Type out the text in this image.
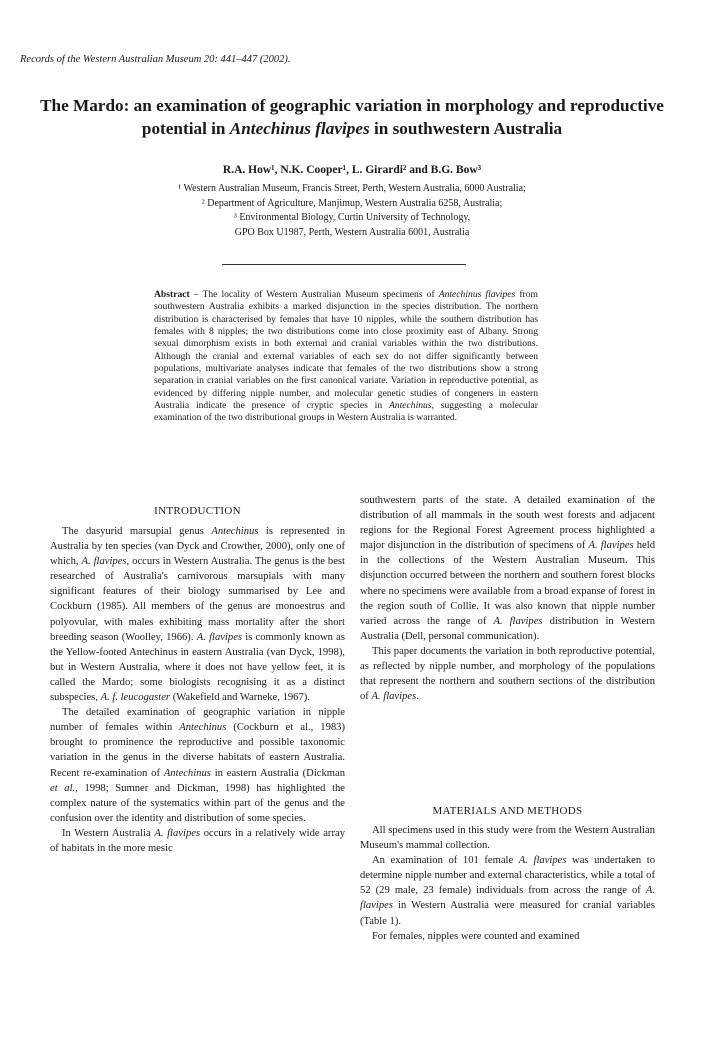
Records of the Western Australian Museum 20: 441–447 (2002).
The Mardo: an examination of geographic variation in morphology and reproductive potential in Antechinus flavipes in southwestern Australia
R.A. How¹, N.K. Cooper¹, L. Girardi² and B.G. Bow³
¹ Western Australian Museum, Francis Street, Perth, Western Australia, 6000 Australia;
² Department of Agriculture, Manjimup, Western Australia 6258, Australia;
³ Environmental Biology, Curtin University of Technology,
GPO Box U1987, Perth, Western Australia 6001, Australia
Abstract – The locality of Western Australian Museum specimens of Antechinus flavipes from southwestern Australia exhibits a marked disjunction in the species distribution. The northern distribution is characterised by females that have 10 nipples, while the southern distribution has females with 8 nipples; the two distributions come into close proximity east of Albany. Strong sexual dimorphism exists in both external and cranial variables within the two distributions. Although the cranial and external variables of each sex do not differ significantly between populations, multivariate analyses indicate that females of the two distributions show a strong separation in cranial variables on the first canonical variate. Variation in reproductive potential, as evidenced by differing nipple number, and molecular genetic studies of congeners in eastern Australia indicate the presence of cryptic species in Antechinus, suggesting a molecular examination of the two distributional groups in Western Australia is warranted.
INTRODUCTION

The dasyurid marsupial genus Antechinus is represented in Australia by ten species (van Dyck and Crowther, 2000), only one of which, A. flavipes, occurs in Western Australia. The genus is the best researched of Australia's carnivorous marsupials with many significant features of their biology summarised by Lee and Cockburn (1985). All members of the genus are monoestrus and polyovular, with males exhibiting mass mortality after the short breeding season (Woolley, 1966). A. flavipes is commonly known as the Yellow-footed Antechinus in eastern Australia (van Dyck, 1998), but in Western Australia, where it does not have yellow feet, it is called the Mardo; some biologists recognising it as a distinct subspecies, A. f. leucogaster (Wakefield and Warneke, 1967).

The detailed examination of geographic variation in nipple number of females within Antechinus (Cockburn et al., 1983) brought to prominence the reproductive and possible taxonomic variation in the genus in the diverse habitats of eastern Australia. Recent re-examination of Antechinus in eastern Australia (Dickman et al., 1998; Sumner and Dickman, 1998) has highlighted the complex nature of the systematics within part of the genus and the confusion over the identity and distribution of some species.

In Western Australia A. flavipes occurs in a relatively wide array of habitats in the more mesic

southwestern parts of the state. A detailed examination of the distribution of all mammals in the south west forests and adjacent regions for the Regional Forest Agreement process highlighted a major disjunction in the distribution of specimens of A. flavipes held in the collections of the Western Australian Museum. This disjunction occurred between the northern and southern forest blocks where no specimens were available from a broad expanse of forest in the region south of Collie. It was also known that nipple number varied across the range of A. flavipes distribution in Western Australia (Dell, personal communication).

This paper documents the variation in both reproductive potential, as reflected by nipple number, and morphology of the populations that represent the northern and southern sections of the distribution of A. flavipes.

MATERIALS AND METHODS

All specimens used in this study were from the Western Australian Museum's mammal collection.

An examination of 101 female A. flavipes was undertaken to determine nipple number and external characteristics, while a total of 52 (29 male, 23 female) individuals from across the range of A. flavipes in Western Australia were measured for cranial variables (Table 1).

For females, nipples were counted and examined
